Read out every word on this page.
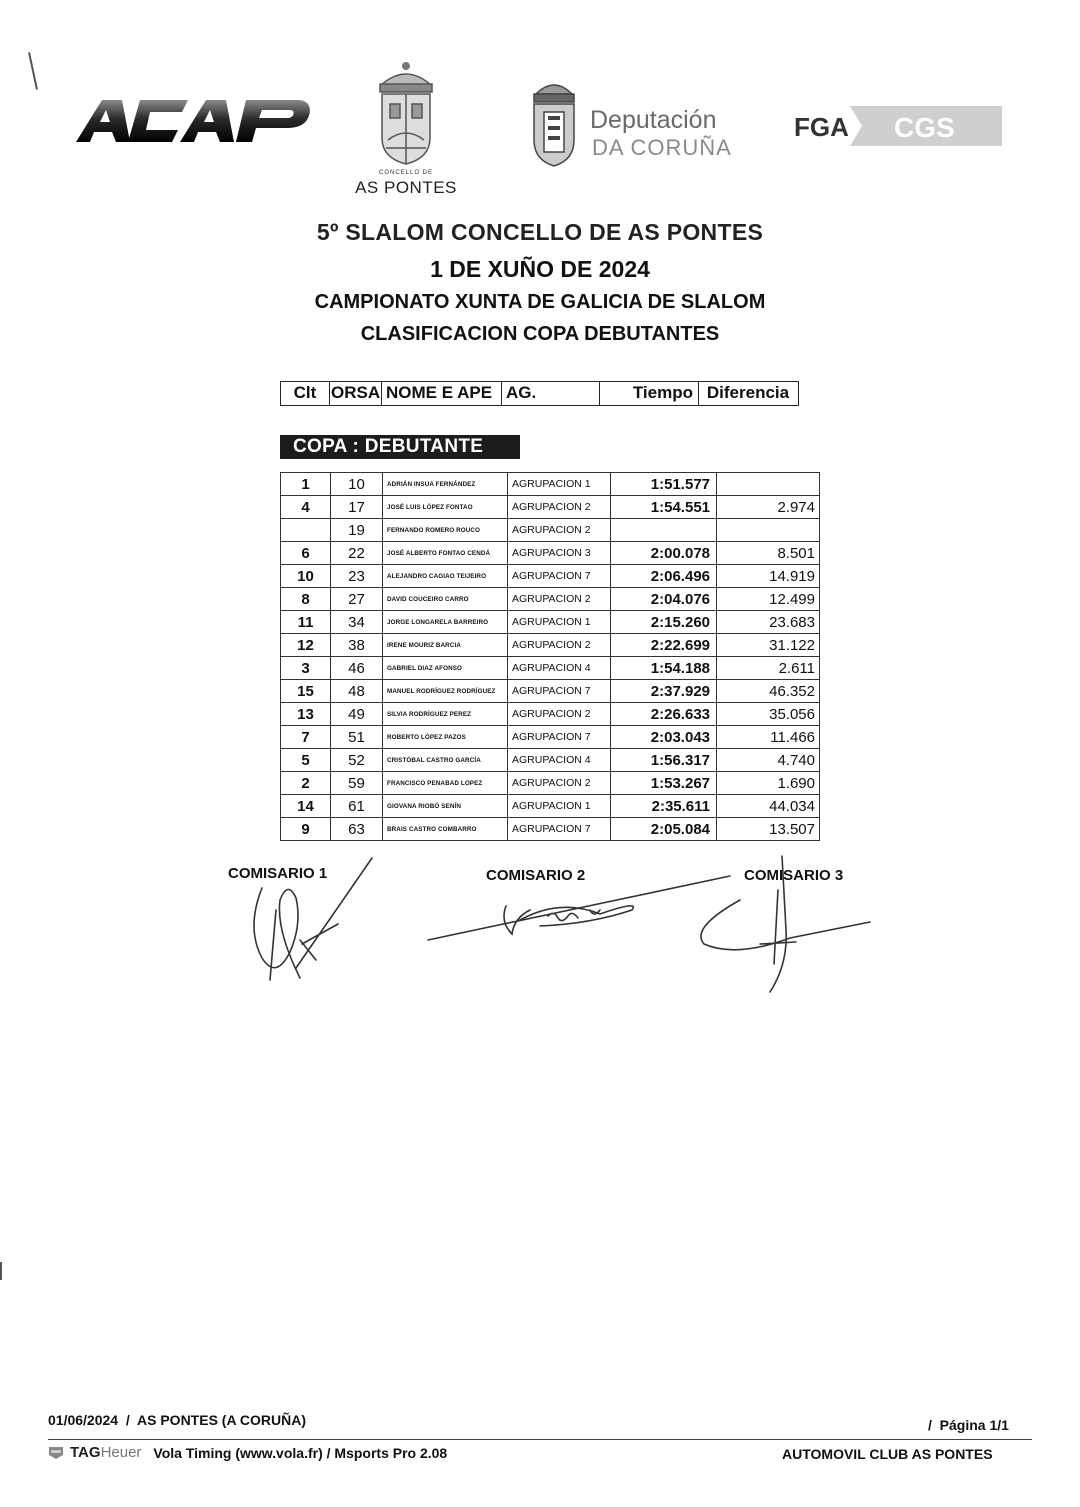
CONCELLO DE
AS PONTES
Deputación
DA CORUÑA
FGA CGS
5º SLALOM CONCELLO DE AS PONTES
1 DE XUÑO DE 2024
CAMPIONATO XUNTA DE GALICIA DE SLALOM
CLASIFICACION COPA DEBUTANTES
Clt ORSA NOME E APE AG.	Tiempo Diferencia
COPA : DEBUTANTE
1	10	ADRIÁN INSUA FERNÁNDEZ	AGRUPACION 1	1:51.577	
4	17	JOSÉ LUIS LÓPEZ FONTAO	AGRUPACION 2	1:54.551	2.974
	19	FERNANDO ROMERO ROUCO	AGRUPACION 2		
6	22	JOSÉ ALBERTO FONTAO CENDÁ	AGRUPACION 3	2:00.078	8.501
10	23	ALEJANDRO CAGIAO TEIJEIRO	AGRUPACION 7	2:06.496	14.919
8	27	DAVID COUCEIRO CARRO	AGRUPACION 2	2:04.076	12.499
11	34	JORGE LONGARELA BARREIRO	AGRUPACION 1	2:15.260	23.683
12	38	IRENE MOURIZ BARCIA	AGRUPACION 2	2:22.699	31.122
3	46	GABRIEL DIAZ AFONSO	AGRUPACION 4	1:54.188	2.611
15	48	MANUEL RODRÍGUEZ RODRÍGUEZ	AGRUPACION 7	2:37.929	46.352
13	49	SILVIA RODRÍGUEZ PEREZ	AGRUPACION 2	2:26.633	35.056
7	51	ROBERTO LÓPEZ PAZOS	AGRUPACION 7	2:03.043	11.466
5	52	CRISTÓBAL CASTRO GARCÍA	AGRUPACION 4	1:56.317	4.740
2	59	FRANCISCO PENABAD LOPEZ	AGRUPACION 2	1:53.267	1.690
14	61	GIOVANA RIOBÓ SENÍN	AGRUPACION 1	2:35.611	44.034
9	63	BRAIS CASTRO COMBARRO	AGRUPACION 7	2:05.084	13.507
COMISARIO 1	COMISARIO 2	COMISARIO 3
01/06/2024  /  AS PONTES (A CORUÑA)	/  Página 1/1
TAG Heuer Vola Timing (www.vola.fr) / Msports Pro 2.08	AUTOMOVIL CLUB AS PONTES
